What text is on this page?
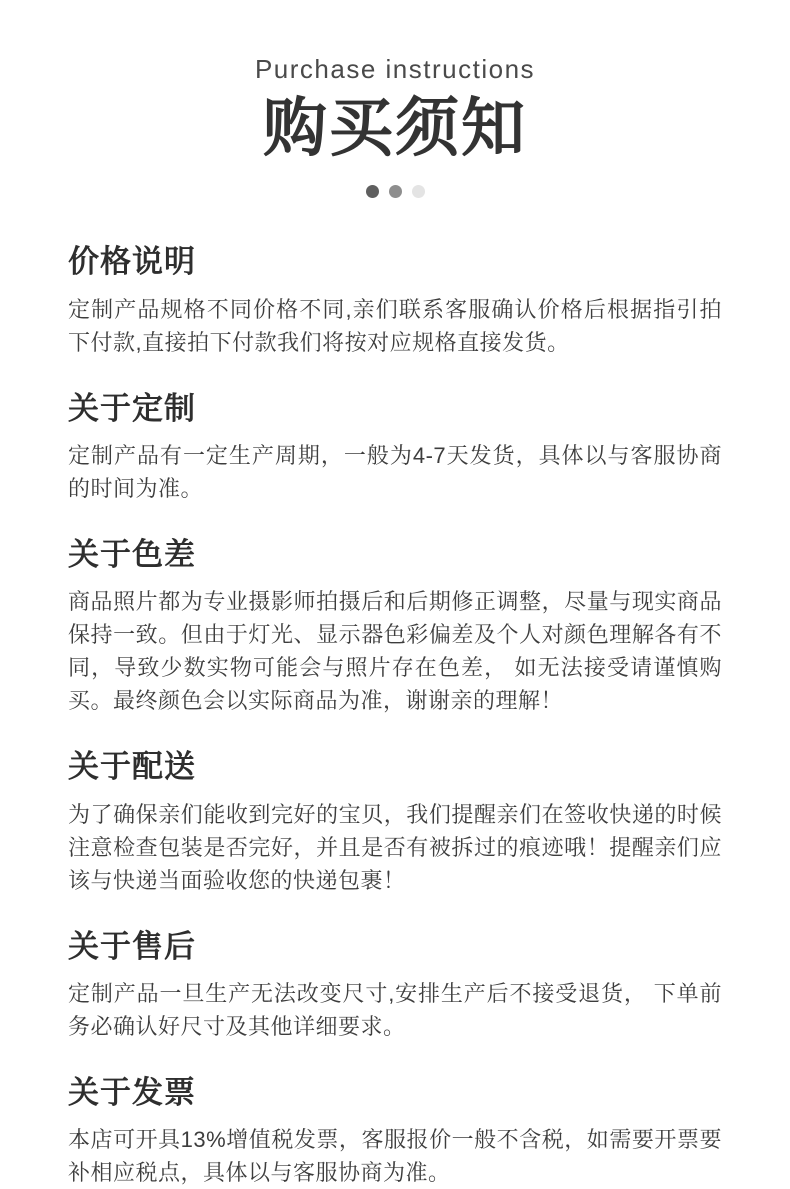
Purchase instructions
购买须知
价格说明

定制产品规格不同价格不同,亲们联系客服确认价格后根据指引拍下付款,直接拍下付款我们将按对应规格直接发货。

关于定制

定制产品有一定生产周期，一般为4-7天发货，具体以与客服协商的时间为准。

关于色差

商品照片都为专业摄影师拍摄后和后期修正调整，尽量与现实商品保持一致。但由于灯光、显示器色彩偏差及个人对颜色理解各有不同，导致少数实物可能会与照片存在色差， 如无法接受请谨慎购买。最终颜色会以实际商品为准，谢谢亲的理解！

关于配送

为了确保亲们能收到完好的宝贝，我们提醒亲们在签收快递的时候注意检查包装是否完好，并且是否有被拆过的痕迹哦！提醒亲们应该与快递当面验收您的快递包裹！

关于售后

定制产品一旦生产无法改变尺寸,安排生产后不接受退货， 下单前务必确认好尺寸及其他详细要求。

关于发票

本店可开具13%增值税发票，客服报价一般不含税，如需要开票要补相应税点，具体以与客服协商为准。
